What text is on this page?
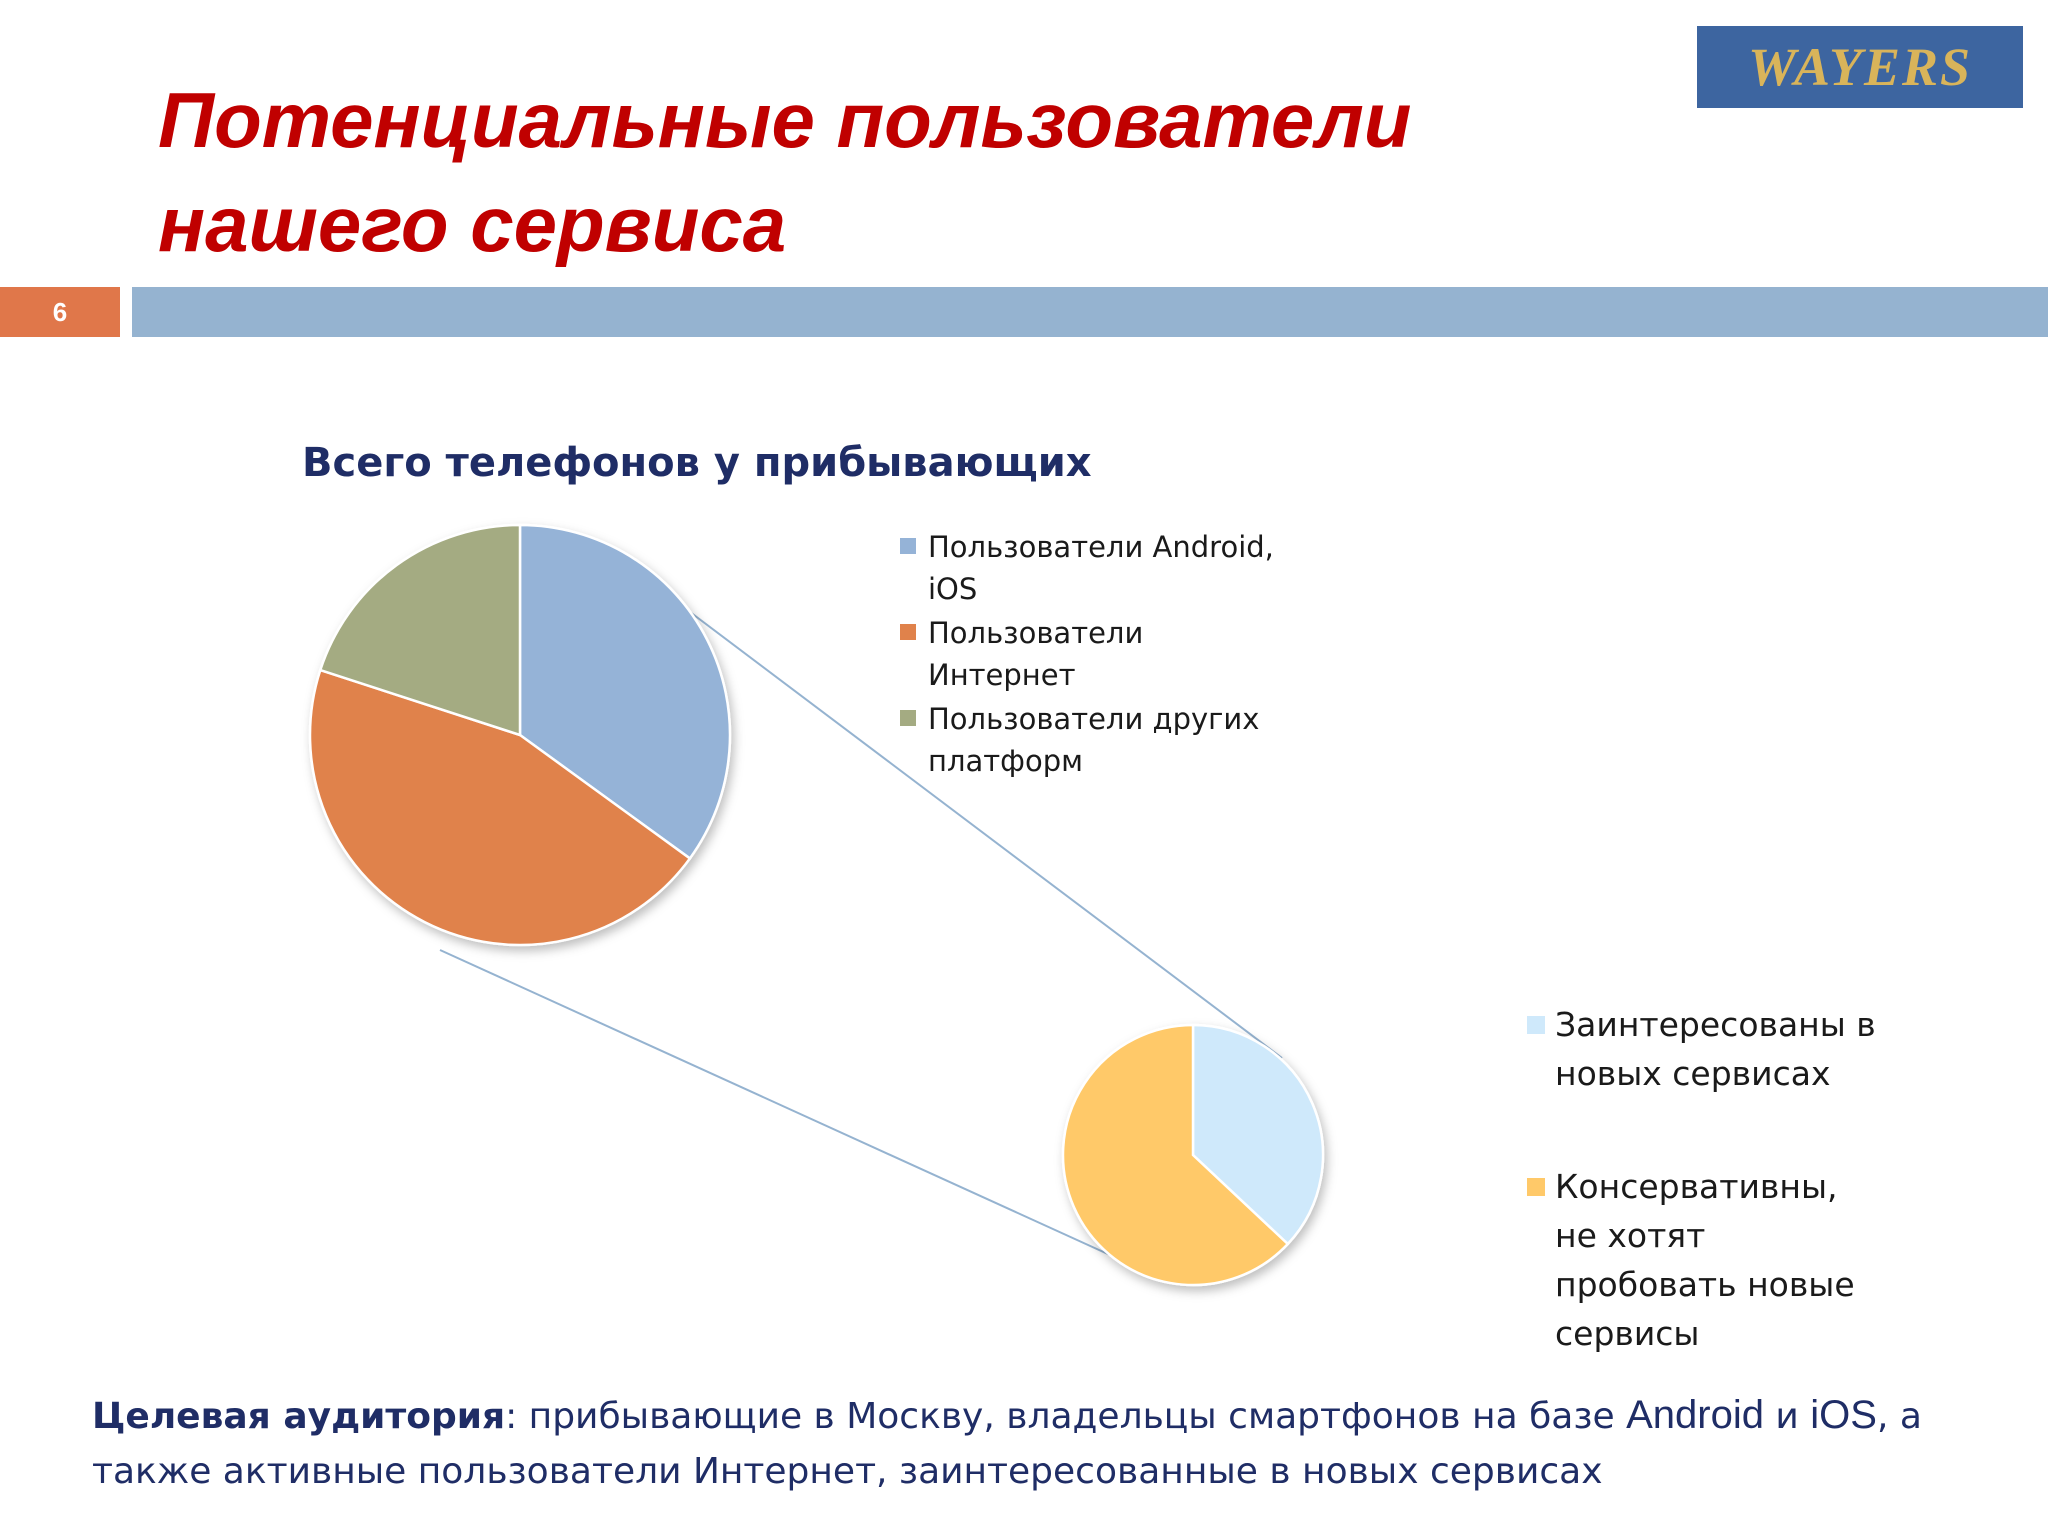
Потенциальные пользователи нашего сервиса
WAYERS
6
Всего телефонов у прибывающих
Пользователи Android, iOS
Пользователи Интернет
Пользователи других платформ
Заинтересованы в новых сервисах
Консервативны, не хотят пробовать новые сервисы

Целевая аудитория: прибывающие в Москву, владельцы смартфонов на базе Android и iOS, а также активные пользователи Интернет, заинтересованные в новых сервисах
